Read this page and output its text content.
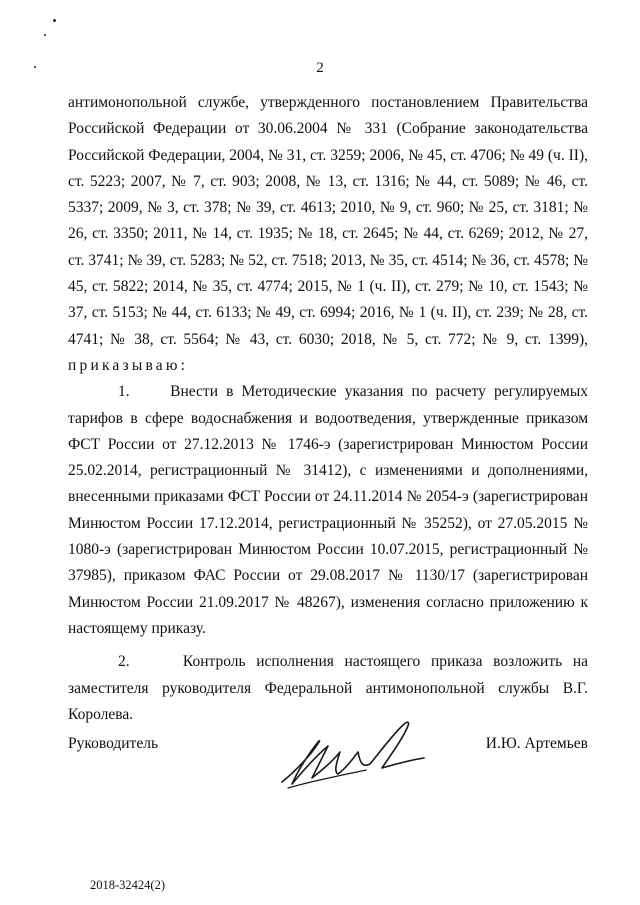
2

антимонопольной службе, утвержденного постановлением Правительства Российской Федерации от 30.06.2004 № 331 (Собрание законодательства Российской Федерации, 2004, № 31, ст. 3259; 2006, № 45, ст. 4706; № 49 (ч. II), ст. 5223; 2007, № 7, ст. 903; 2008, № 13, ст. 1316; № 44, ст. 5089; № 46, ст. 5337; 2009, № 3, ст. 378; № 39, ст. 4613; 2010, № 9, ст. 960; № 25, ст. 3181; № 26, ст. 3350; 2011, № 14, ст. 1935; № 18, ст. 2645; № 44, ст. 6269; 2012, № 27, ст. 3741; № 39, ст. 5283; № 52, ст. 7518; 2013, № 35, ст. 4514; № 36, ст. 4578; № 45, ст. 5822; 2014, № 35, ст. 4774; 2015, № 1 (ч. II), ст. 279; № 10, ст. 1543; № 37, ст. 5153; № 44, ст. 6133; № 49, ст. 6994; 2016, № 1 (ч. II), ст. 239; № 28, ст. 4741; № 38, ст. 5564; № 43, ст. 6030; 2018, № 5, ст. 772; № 9, ст. 1399),

приказываю:

1.     Внести в Методические указания по расчету регулируемых тарифов в сфере водоснабжения и водоотведения, утвержденные приказом ФСТ России от 27.12.2013 № 1746-э (зарегистрирован Минюстом России 25.02.2014, регистрационный № 31412), с изменениями и дополнениями, внесенными приказами ФСТ России от 24.11.2014 № 2054-э (зарегистрирован Минюстом России 17.12.2014, регистрационный № 35252), от 27.05.2015 № 1080-э (зарегистрирован Минюстом России 10.07.2015, регистрационный № 37985), приказом ФАС России от 29.08.2017 № 1130/17 (зарегистрирован Минюстом России 21.09.2017 № 48267), изменения согласно приложению к настоящему приказу.

2.     Контроль исполнения настоящего приказа возложить на заместителя руководителя Федеральной антимонопольной службы В.Г. Королева.

Руководитель	И.Ю. Артемьев
2018-32424(2)
